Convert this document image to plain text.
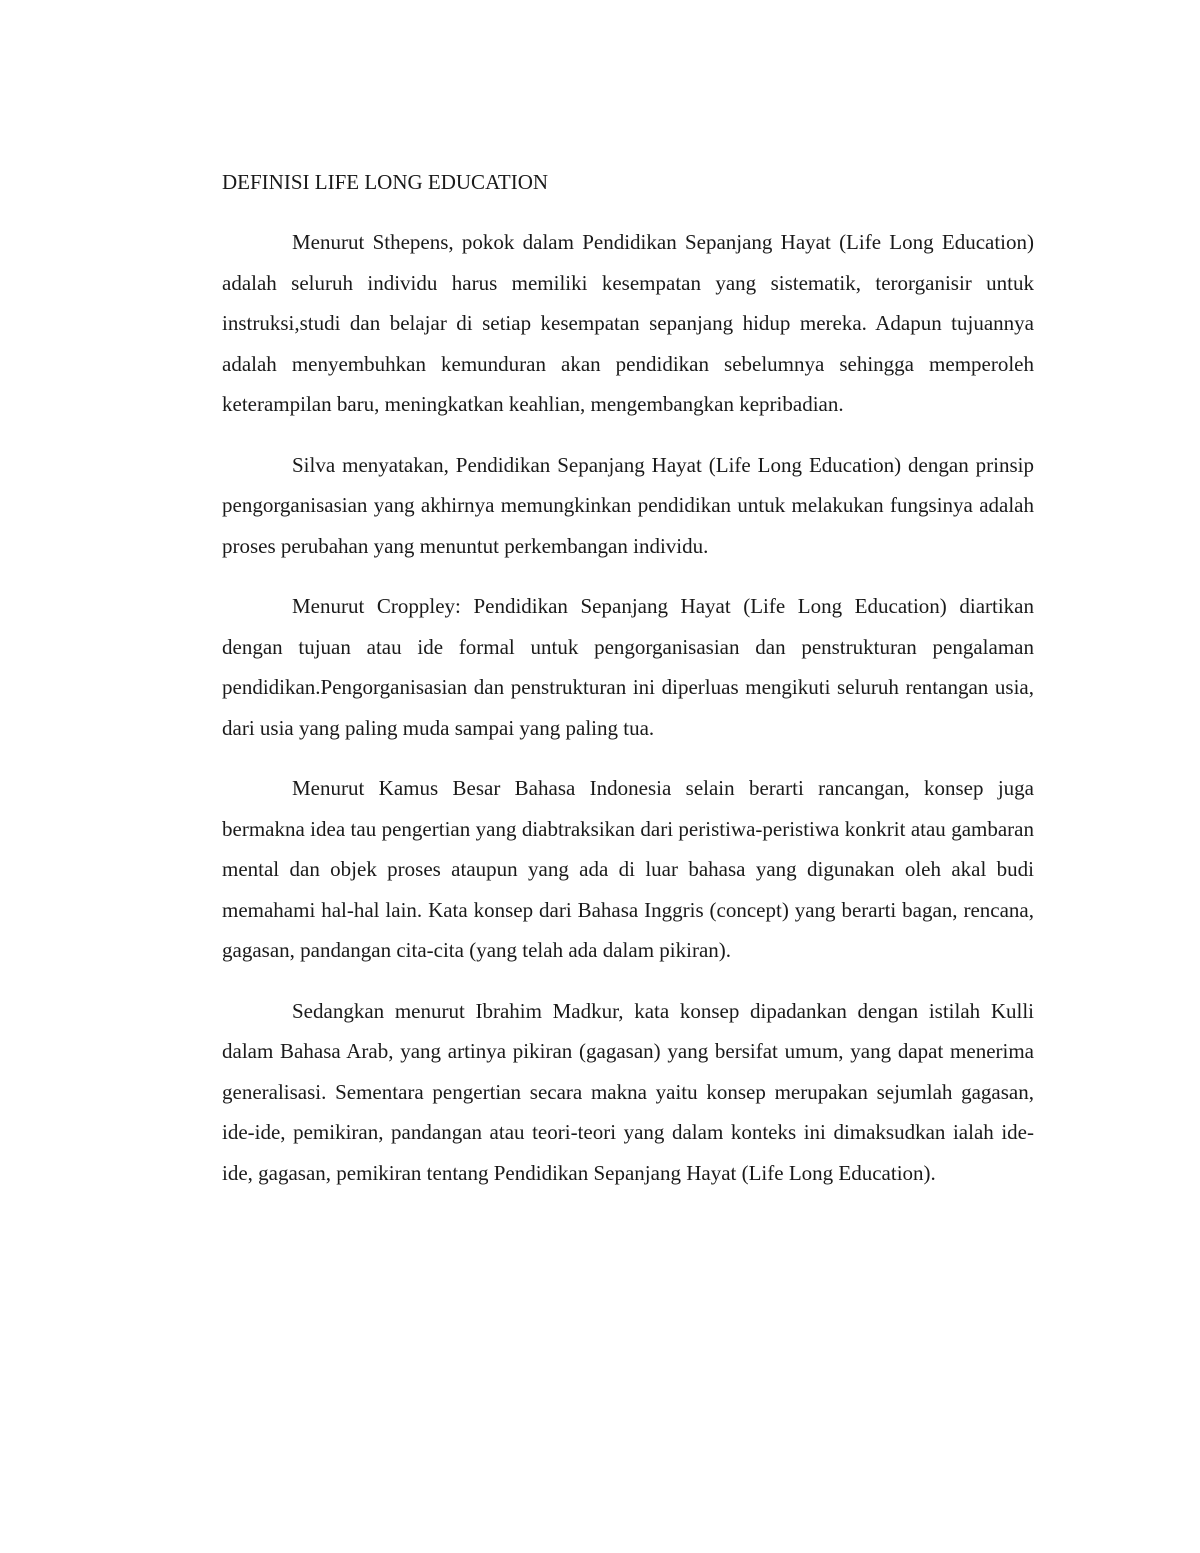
DEFINISI LIFE LONG EDUCATION

Menurut Sthepens, pokok dalam Pendidikan Sepanjang Hayat (Life Long Education) adalah seluruh individu harus memiliki kesempatan yang sistematik, terorganisir untuk instruksi,studi dan belajar di setiap kesempatan sepanjang hidup mereka. Adapun tujuannya adalah menyembuhkan kemunduran akan pendidikan sebelumnya sehingga memperoleh keterampilan baru, meningkatkan keahlian, mengembangkan kepribadian.

Silva menyatakan, Pendidikan Sepanjang Hayat (Life Long Education) dengan prinsip pengorganisasian yang akhirnya memungkinkan pendidikan untuk melakukan fungsinya adalah proses perubahan yang menuntut perkembangan individu.

Menurut Croppley: Pendidikan Sepanjang Hayat (Life Long Education) diartikan dengan tujuan atau ide formal untuk pengorganisasian dan penstrukturan pengalaman pendidikan.Pengorganisasian dan penstrukturan ini diperluas mengikuti seluruh rentangan usia, dari usia yang paling muda sampai yang paling tua.

Menurut Kamus Besar Bahasa Indonesia selain berarti rancangan, konsep juga bermakna idea tau pengertian yang diabtraksikan dari peristiwa-peristiwa konkrit atau gambaran mental dan objek proses ataupun yang ada di luar bahasa yang digunakan oleh akal budi memahami hal-hal lain. Kata konsep dari Bahasa Inggris (concept) yang berarti bagan, rencana, gagasan, pandangan cita-cita (yang telah ada dalam pikiran).

Sedangkan menurut Ibrahim Madkur, kata konsep dipadankan dengan istilah Kulli dalam Bahasa Arab, yang artinya pikiran (gagasan) yang bersifat umum, yang dapat menerima generalisasi. Sementara pengertian secara makna yaitu konsep merupakan sejumlah gagasan, ide-ide, pemikiran, pandangan atau teori-teori yang dalam konteks ini dimaksudkan ialah ide-ide, gagasan, pemikiran tentang Pendidikan Sepanjang Hayat (Life Long Education).
